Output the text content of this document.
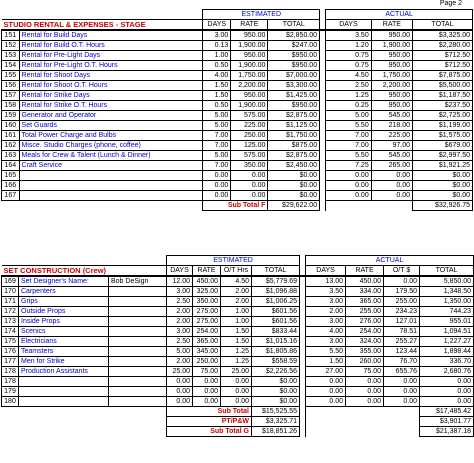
Page 2
		ESTIMATED				ACTUAL		
STUDIO RENTAL & EXPENSES - STAGE		DAYS	RATE	TOTAL		DAYS	RATE	TOTAL
151	Rental for Build Days	3.00	950.00	$2,850.00		3.50	950.00	$3,325.00
152	Rental for Build O.T. Hours	0.13	1,900.00	$247.00		1.20	1,900.00	$2,280.00
153	Rental for Pre-Light Days	1.00	950.00	$950.00		0.75	950.00	$712.50
154	Rental for Pre-Light O.T. Hours	0.50	1,900.00	$950.00		0.75	950.00	$712.50
155	Rental for Shoot Days	4.00	1,750.00	$7,000.00		4.50	1,750.00	$7,875.00
156	Rental for Shoot O.T. Hours	1.50	2,200.00	$3,300.00		2.50	2,200.00	$5,500.00
157	Rental for Strike Days	1.50	950.00	$1,425.00		1.25	950.00	$1,187.50
158	Rental for Strike O.T. Hours	0.50	1,900.00	$950.00		0.25	950.00	$237.50
159	Generator and Operator	5.00	575.00	$2,875.00		5.00	545.00	$2,725.00
160	Set Guards	5.00	225.00	$1,125.00		5.50	218.00	$1,199.00
161	Total Power Charge and Bulbs	7.00	250.00	$1,750.00		7.00	225.00	$1,575.00
162	Misce. Studio Charges (phone, coffee)	7.00	125.00	$875.00		7.00	97.00	$679.00
163	Meals for Crew & Talent (Lunch & Dinner)	5.00	575.00	$2,875.00		5.50	545.00	$2,997.50
164	Craft Service	7.00	350.00	$2,450.00		7.25	265.00	$1,921.25
165		0.00	0.00	$0.00		0.00	0.00	$0.00
166		0.00	0.00	$0.00		0.00	0.00	$0.00
167		0.00	0.00	$0.00		0.00	0.00	$0.00
		Sub Total F		$29,622.00				$32,926.75
			ESTIMATED					ACTUAL			
SET CONSTRUCTION (Crew)			DAYS	RATE	O/T Hrs	TOTAL		DAYS	RATE	O/T $	TOTAL
169	Set Designer's Name:	Bob DeSign	12.00	450.00	4.50	$5,779.69		13.00	450.00	0.00	5,850.00
170	Carpenters		3.00	325.00	2.00	$1,096.88		3.50	334.00	179.50	1,348.50
171	Grips		2.50	350.00	2.00	$1,006.25		3.00	365.00	255.00	1,350.00
172	Outside Props		2.00	275.00	1.00	$601.56		2.00	255.00	234.23	744.23
173	Inside Props		2.00	275.00	1.00	$601.56		3.00	276.00	127.01	955.01
174	Scenics		3.00	254.00	1.50	$833.44		4.00	254.00	78.51	1,094.51
175	Electricians		2.50	365.00	1.50	$1,015.16		3.00	324.00	255.27	1,227.27
176	Teamsters		5.00	345.00	1.25	$1,805.86		5.50	355.00	123.44	1,898.44
177	Men for Strike		2.00	250.00	1.25	$558.59		1.50	260.00	76.70	336.70
178	Production Assistants		25.00	75.00	25.00	$2,226.56		27.00	75.00	655.76	2,680.76
178			0.00	0.00	0.00	$0.00		0.00	0.00	0.00	0.00
179			0.00	0.00	0.00	$0.00		0.00	0.00	0.00	0.00
180			0.00	0.00	0.00	$0.00		0.00	0.00	0.00	0.00
			Sub Total			$15,525.55					$17,485.42
			PT/P&W			$3,325.71					$3,901.77
			Sub Total G			$18,851.26					$21,387.18
